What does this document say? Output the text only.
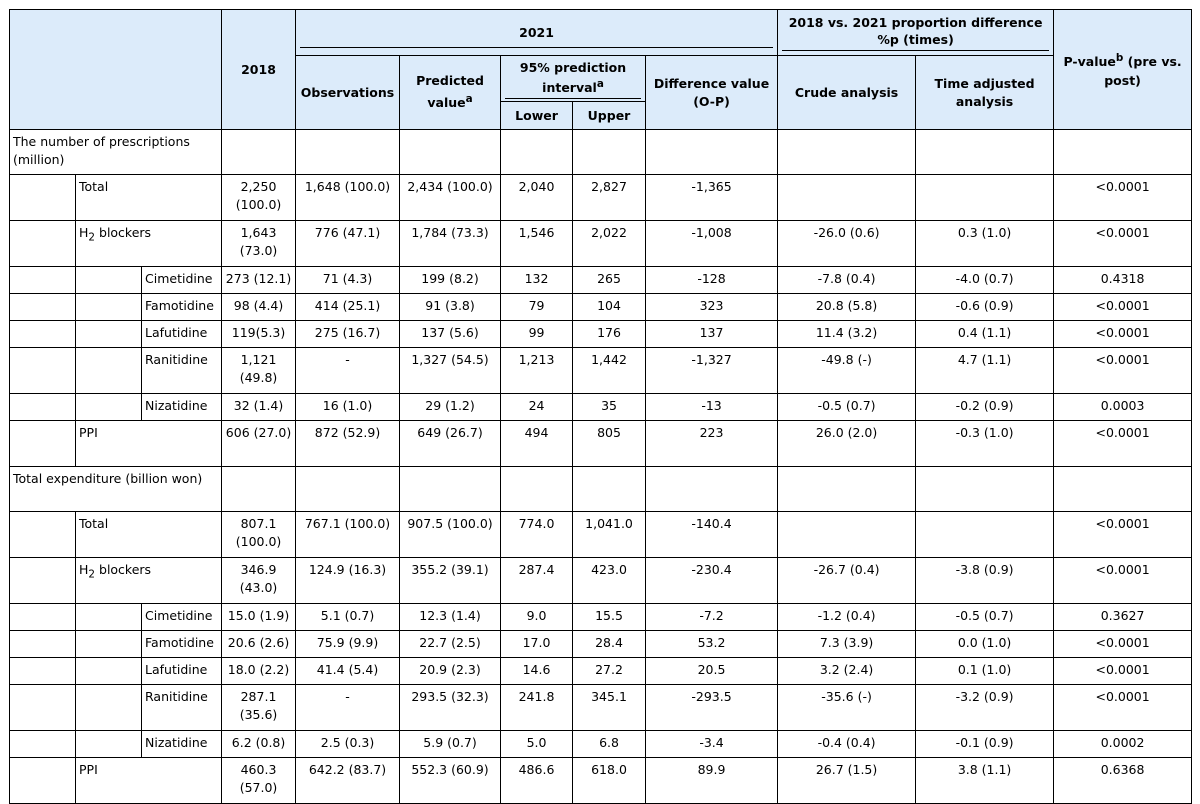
			2018	2021					2018 vs. 2021 proportion difference %p (times)		P-value$^b$ (pre vs. post)
				Observations	Predicted value$^a$	95% prediction interval$^a$		Difference value (O-P)	Crude analysis	Time adjusted analysis	
						Lower	Upper				
The number of prescriptions (million)											
	Total		2,250 (100.0)	1,648 (100.0)	2,434 (100.0)	2,040	2,827	-1,365			<0.0001
	$H_2$ blockers		1,643 (73.0)	776 (47.1)	1,784 (73.3)	1,546	2,022	-1,008	-26.0 (0.6)	0.3 (1.0)	<0.0001
		Cimetidine	273 (12.1)	71 (4.3)	199 (8.2)	132	265	-128	-7.8 (0.4)	-4.0 (0.7)	0.4318
		Famotidine	98 (4.4)	414 (25.1)	91 (3.8)	79	104	323	20.8 (5.8)	-0.6 (0.9)	<0.0001
		Lafutidine	119(5.3)	275 (16.7)	137 (5.6)	99	176	137	11.4 (3.2)	0.4 (1.1)	<0.0001
		Ranitidine	1,121 (49.8)	-	1,327 (54.5)	1,213	1,442	-1,327	-49.8 (-)	4.7 (1.1)	<0.0001
		Nizatidine	32 (1.4)	16 (1.0)	29 (1.2)	24	35	-13	-0.5 (0.7)	-0.2 (0.9)	0.0003
	PPI		606 (27.0)	872 (52.9)	649 (26.7)	494	805	223	26.0 (2.0)	-0.3 (1.0)	<0.0001
Total expenditure (billion won)											
	Total		807.1 (100.0)	767.1 (100.0)	907.5 (100.0)	774.0	1,041.0	-140.4			<0.0001
	$H_2$ blockers		346.9 (43.0)	124.9 (16.3)	355.2 (39.1)	287.4	423.0	-230.4	-26.7 (0.4)	-3.8 (0.9)	<0.0001
		Cimetidine	15.0 (1.9)	5.1 (0.7)	12.3 (1.4)	9.0	15.5	-7.2	-1.2 (0.4)	-0.5 (0.7)	0.3627
		Famotidine	20.6 (2.6)	75.9 (9.9)	22.7 (2.5)	17.0	28.4	53.2	7.3 (3.9)	0.0 (1.0)	<0.0001
		Lafutidine	18.0 (2.2)	41.4 (5.4)	20.9 (2.3)	14.6	27.2	20.5	3.2 (2.4)	0.1 (1.0)	<0.0001
		Ranitidine	287.1 (35.6)	-	293.5 (32.3)	241.8	345.1	-293.5	-35.6 (-)	-3.2 (0.9)	<0.0001
		Nizatidine	6.2 (0.8)	2.5 (0.3)	5.9 (0.7)	5.0	6.8	-3.4	-0.4 (0.4)	-0.1 (0.9)	0.0002
	PPI		460.3 (57.0)	642.2 (83.7)	552.3 (60.9)	486.6	618.0	89.9	26.7 (1.5)	3.8 (1.1)	0.6368
